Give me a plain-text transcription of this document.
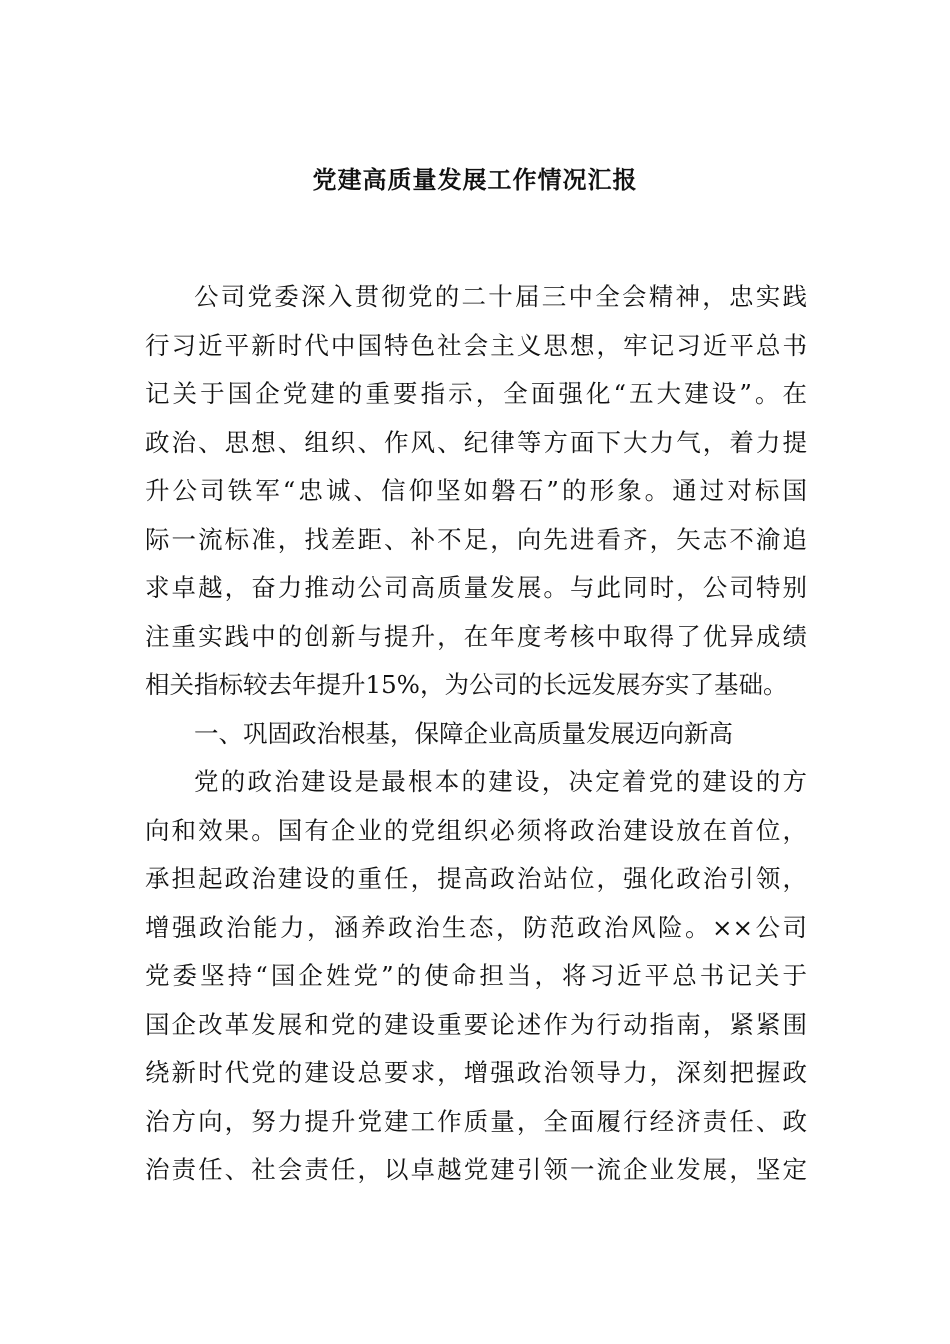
党建高质量发展工作情况汇报
公司党委深入贯彻党的二十届三中全会精神，忠实践
行习近平新时代中国特色社会主义思想，牢记习近平总书
记关于国企党建的重要指示，全面强化“五大建设”。在
政治、思想、组织、作风、纪律等方面下大力气，着力提
升公司铁军“忠诚、信仰坚如磐石”的形象。通过对标国
际一流标准，找差距、补不足，向先进看齐，矢志不渝追
求卓越，奋力推动公司高质量发展。与此同时，公司特别
注重实践中的创新与提升，在年度考核中取得了优异成绩
相关指标较去年提升15%，为公司的长远发展夯实了基础。
一、巩固政治根基，保障企业高质量发展迈向新高
党的政治建设是最根本的建设，决定着党的建设的方
向和效果。国有企业的党组织必须将政治建设放在首位，
承担起政治建设的重任，提高政治站位，强化政治引领，
增强政治能力，涵养政治生态，防范政治风险。××公司
党委坚持“国企姓党”的使命担当，将习近平总书记关于
国企改革发展和党的建设重要论述作为行动指南，紧紧围
绕新时代党的建设总要求，增强政治领导力，深刻把握政
治方向，努力提升党建工作质量，全面履行经济责任、政
治责任、社会责任，以卓越党建引领一流企业发展，坚定
